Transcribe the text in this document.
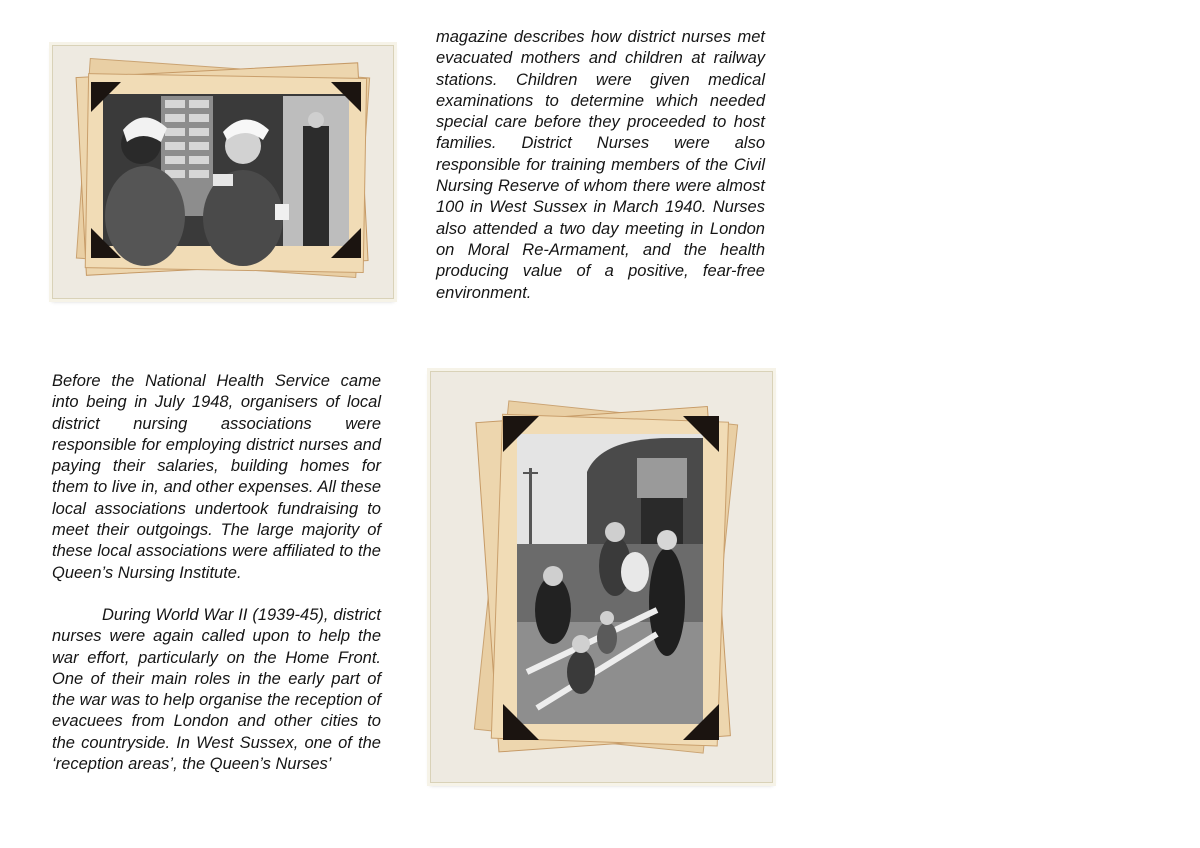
magazine describes how district nurses met evacuated mothers and children at railway stations. Children were given medical examinations to determine which needed special care before they proceeded to host families. District Nurses were also responsible for training members of the Civil Nursing Reserve of whom there were almost 100 in West Sussex in March 1940. Nurses also attended a two day meeting in London on Moral Re-Armament, and the health producing value of a positive, fear-free environment.

Before the National Health Service came into being in July 1948, organisers of local district nursing associations were responsible for employing district nurses and paying their salaries, building homes for them to live in, and other expenses. All these local associations undertook fundraising to meet their outgoings. The large majority of these local associations were affiliated to the Queen’s Nursing Institute.

During World War II (1939-45), district nurses were again called upon to help the war effort, particularly on the Home Front. One of their main roles in the early part of the war was to help organise the reception of evacuees from London and other cities to the countryside. In West Sussex, one of the ‘reception areas’, the Queen’s Nurses’
